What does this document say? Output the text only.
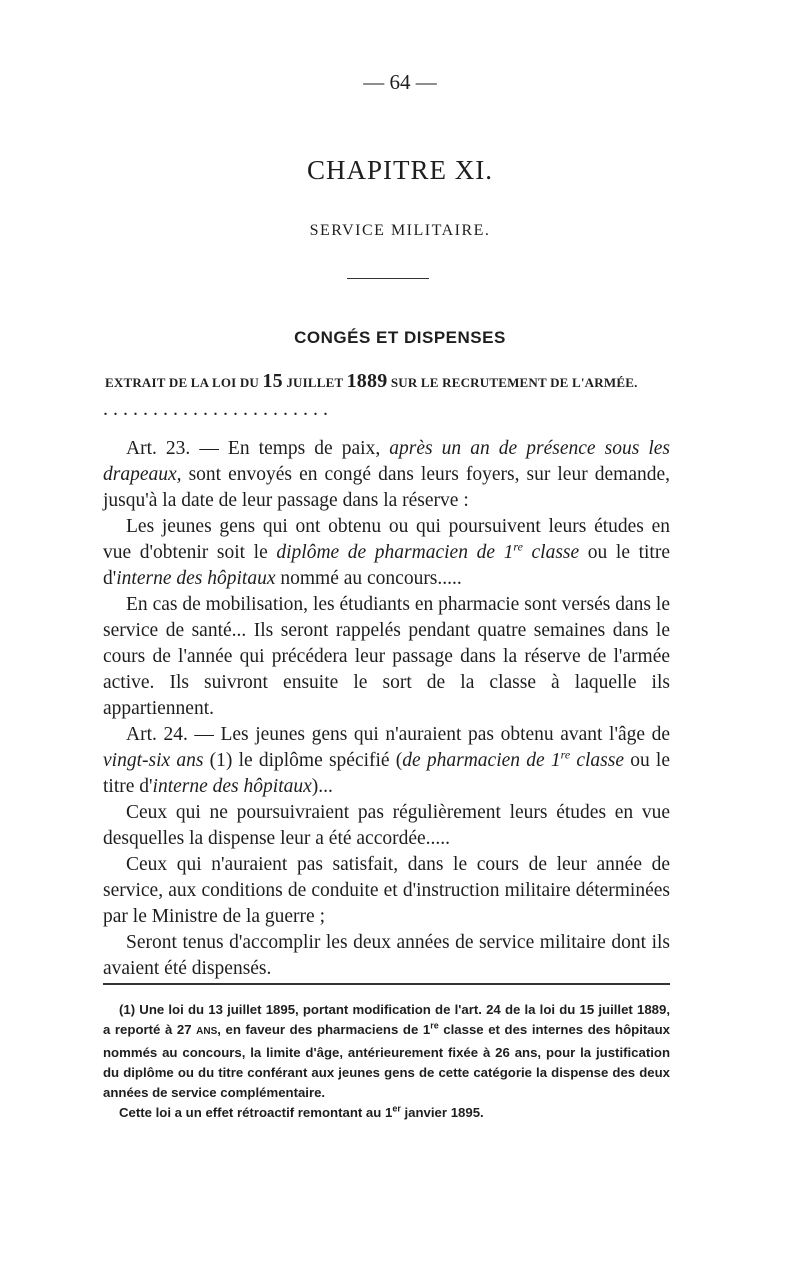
— 64 —
CHAPITRE XI.
SERVICE MILITAIRE.
CONGÉS ET DISPENSES
EXTRAIT DE LA LOI DU 15 JUILLET 1889 SUR LE RECRUTEMENT DE L'ARMÉE.
. . . . . . . . . . . . . . . . . . . . . . .

Art. 23. — En temps de paix, après un an de présence sous les drapeaux, sont envoyés en congé dans leurs foyers, sur leur demande, jusqu'à la date de leur passage dans la réserve :

Les jeunes gens qui ont obtenu ou qui poursuivent leurs études en vue d'obtenir soit le diplôme de pharmacien de 1re classe ou le titre d'interne des hôpitaux nommé au concours.....

En cas de mobilisation, les étudiants en pharmacie sont versés dans le service de santé... Ils seront rappelés pendant quatre semaines dans le cours de l'année qui précédera leur passage dans la réserve de l'armée active. Ils suivront ensuite le sort de la classe à laquelle ils appartiennent.

Art. 24. — Les jeunes gens qui n'auraient pas obtenu avant l'âge de vingt-six ans (1) le diplôme spécifié (de pharmacien de 1re classe ou le titre d'interne des hôpitaux)...

Ceux qui ne poursuivraient pas régulièrement leurs études en vue desquelles la dispense leur a été accordée.....

Ceux qui n'auraient pas satisfait, dans le cours de leur année de service, aux conditions de conduite et d'instruction militaire déterminées par le Ministre de la guerre ;

Seront tenus d'accomplir les deux années de service militaire dont ils avaient été dispensés.

(1) Une loi du 13 juillet 1895, portant modification de l'art. 24 de la loi du 15 juillet 1889, a reporté à 27 ANS, en faveur des pharmaciens de 1re classe et des internes des hôpitaux nommés au concours, la limite d'âge, antérieurement fixée à 26 ans, pour la justification du diplôme ou du titre conférant aux jeunes gens de cette catégorie la dispense des deux années de service complémentaire.

Cette loi a un effet rétroactif remontant au 1er janvier 1895.
